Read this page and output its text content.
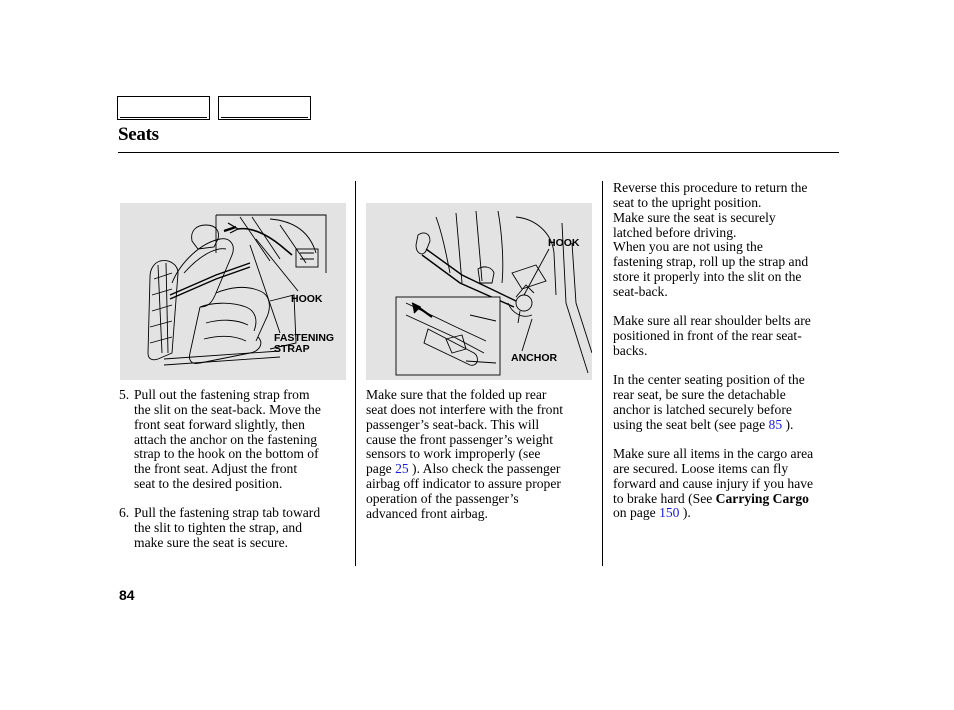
Seats
HOOK
FASTENING
STRAP
HOOK
ANCHOR
5. Pull out the fastening strap from
the slit on the seat-back. Move the
front seat forward slightly, then
attach the anchor on the fastening
strap to the hook on the bottom of
the front seat. Adjust the front
seat to the desired position.
6. Pull the fastening strap tab toward
the slit to tighten the strap, and
make sure the seat is secure.
Make sure that the folded up rear
seat does not interfere with the front
passenger’s seat-back. This will
cause the front passenger’s weight
sensors to work improperly (see
page 25 ). Also check the passenger
airbag off indicator to assure proper
operation of the passenger’s
advanced front airbag.
Reverse this procedure to return the
seat to the upright position.
Make sure the seat is securely
latched before driving.
When you are not using the
fastening strap, roll up the strap and
store it properly into the slit on the
seat-back.
Make sure all rear shoulder belts are
positioned in front of the rear seat-
backs.
In the center seating position of the
rear seat, be sure the detachable
anchor is latched securely before
using the seat belt (see page 85 ).
Make sure all items in the cargo area
are secured. Loose items can fly
forward and cause injury if you have
to brake hard (See Carrying Cargo
on page 150 ).
84
